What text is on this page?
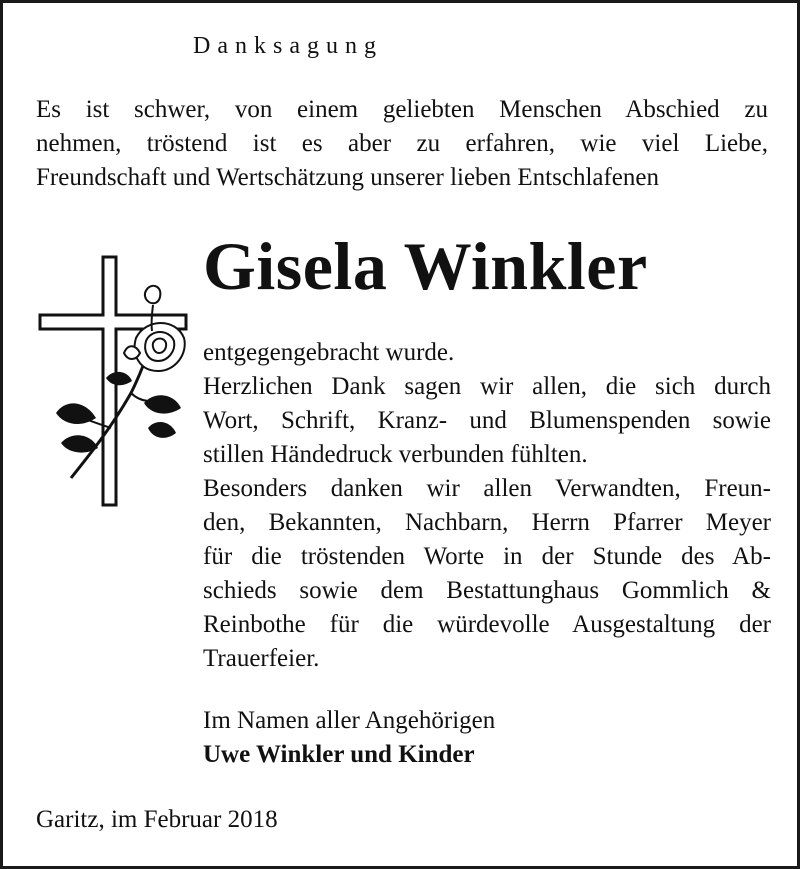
Danksagung
Es ist schwer, von einem geliebten Menschen Abschied zu
nehmen, tröstend ist es aber zu erfahren, wie viel Liebe,
Freundschaft und Wertschätzung unserer lieben Entschlafenen
Gisela Winkler
entgegengebracht wurde.
Herzlichen Dank sagen wir allen, die sich durch
Wort, Schrift, Kranz- und Blumenspenden sowie
stillen Händedruck verbunden fühlten.
Besonders danken wir allen Verwandten, Freun-
den, Bekannten, Nachbarn, Herrn Pfarrer Meyer
für die tröstenden Worte in der Stunde des Ab-
schieds sowie dem Bestattunghaus Gommlich &
Reinbothe für die würdevolle Ausgestaltung der
Trauerfeier.
Im Namen aller Angehörigen
Uwe Winkler und Kinder
Garitz, im Februar 2018
